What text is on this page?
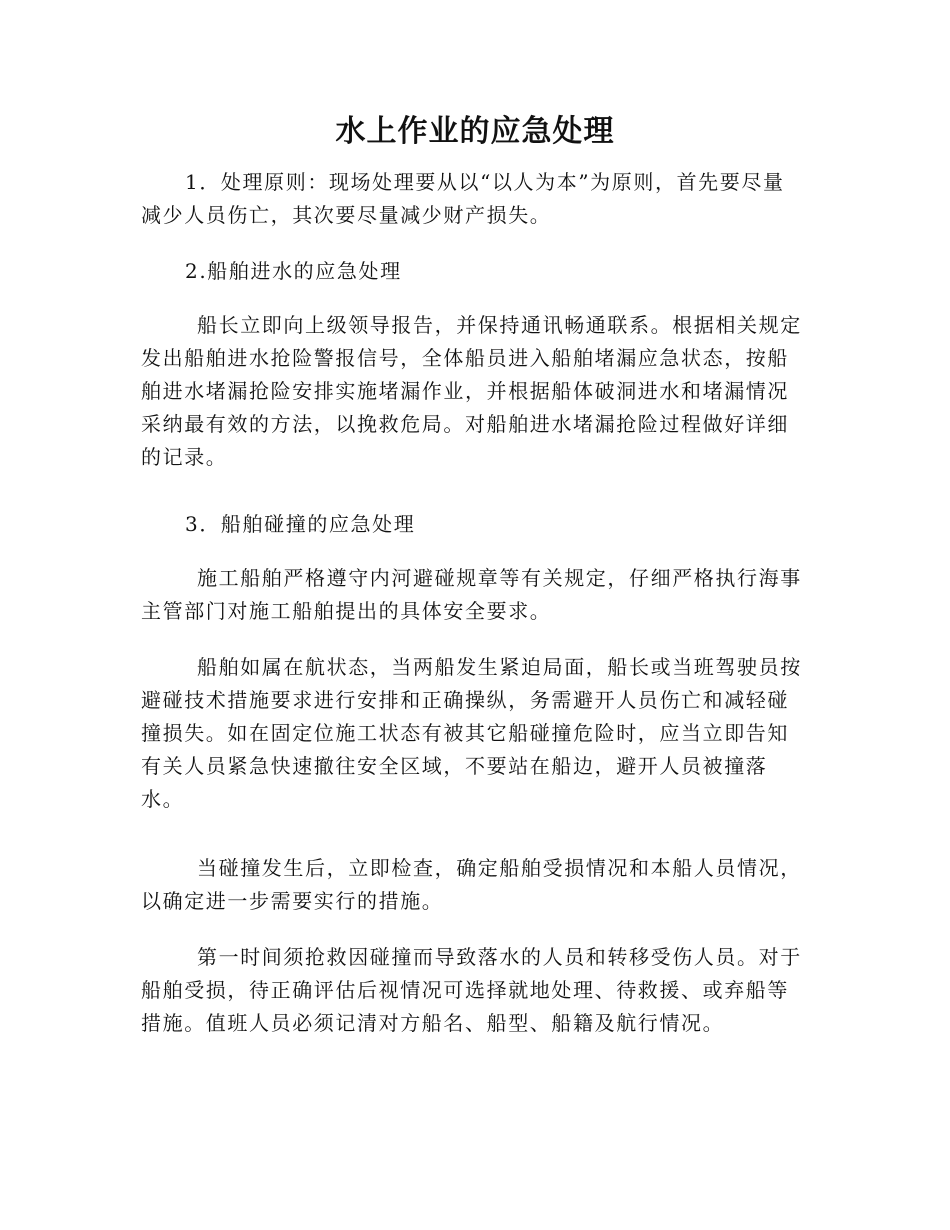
水上作业的应急处理

1．处理原则：现场处理要从以“以人为本”为原则，首先要尽量

减少人员伤亡，其次要尽量减少财产损失。

2.船舶进水的应急处理

船长立即向上级领导报告，并保持通讯畅通联系。根据相关规定

发出船舶进水抢险警报信号，全体船员进入船舶堵漏应急状态，按船

舶进水堵漏抢险安排实施堵漏作业，并根据船体破洞进水和堵漏情况

采纳最有效的方法，以挽救危局。对船舶进水堵漏抢险过程做好详细

的记录。

3．船舶碰撞的应急处理

施工船舶严格遵守内河避碰规章等有关规定，仔细严格执行海事

主管部门对施工船舶提出的具体安全要求。

船舶如属在航状态，当两船发生紧迫局面，船长或当班驾驶员按

避碰技术措施要求进行安排和正确操纵，务需避开人员伤亡和减轻碰

撞损失。如在固定位施工状态有被其它船碰撞危险时，应当立即告知

有关人员紧急快速撤往安全区域，不要站在船边，避开人员被撞落

水。

当碰撞发生后，立即检查，确定船舶受损情况和本船人员情况，

以确定进一步需要实行的措施。

第一时间须抢救因碰撞而导致落水的人员和转移受伤人员。对于

船舶受损，待正确评估后视情况可选择就地处理、待救援、或弃船等

措施。值班人员必须记清对方船名、船型、船籍及航行情况。
